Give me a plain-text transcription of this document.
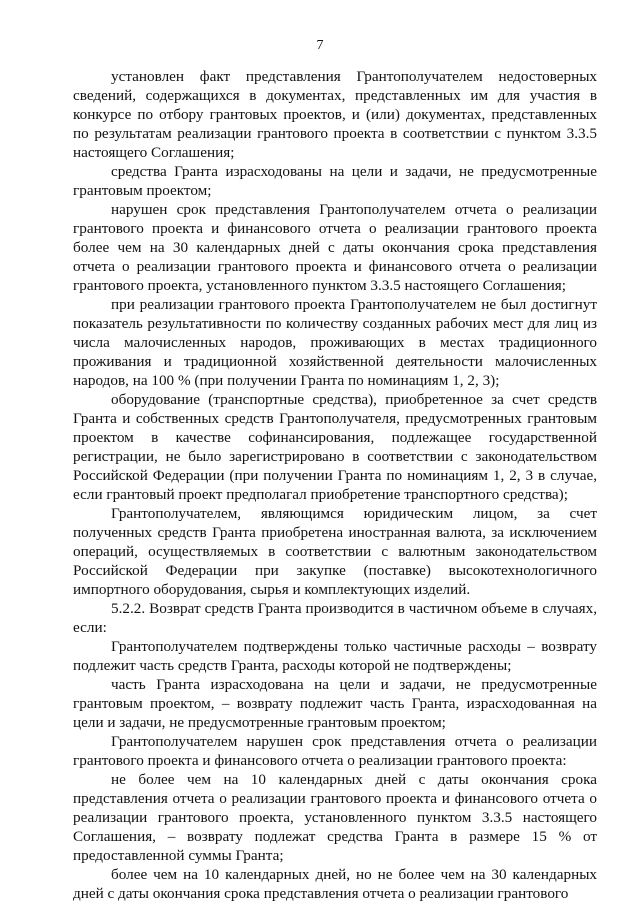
7

установлен факт представления Грантополучателем недостоверных сведений, содержащихся в документах, представленных им для участия в конкурсе по отбору грантовых проектов, и (или) документах, представленных по результатам реализации грантового проекта в соответствии с пунктом 3.3.5 настоящего Соглашения;

средства Гранта израсходованы на цели и задачи, не предусмотренные грантовым проектом;

нарушен срок представления Грантополучателем отчета о реализации грантового проекта и финансового отчета о реализации грантового проекта более чем на 30 календарных дней с даты окончания срока представления отчета о реализации грантового проекта и финансового отчета о реализации грантового проекта, установленного пунктом 3.3.5 настоящего Соглашения;

при реализации грантового проекта Грантополучателем не был достигнут показатель результативности по количеству созданных рабочих мест для лиц из числа малочисленных народов, проживающих в местах традиционного проживания и традиционной хозяйственной деятельности малочисленных народов, на 100 % (при получении Гранта по номинациям 1, 2, 3);

оборудование (транспортные средства), приобретенное за счет средств Гранта и собственных средств Грантополучателя, предусмотренных грантовым проектом в качестве софинансирования, подлежащее государственной регистрации, не было зарегистрировано в соответствии с законодательством Российской Федерации (при получении Гранта по номинациям 1, 2, 3 в случае, если грантовый проект предполагал приобретение транспортного средства);

Грантополучателем, являющимся юридическим лицом, за счет полученных средств Гранта приобретена иностранная валюта, за исключением операций, осуществляемых в соответствии с валютным законодательством Российской Федерации при закупке (поставке) высокотехнологичного импортного оборудования, сырья и комплектующих изделий.

5.2.2. Возврат средств Гранта производится в частичном объеме в случаях, если:

Грантополучателем подтверждены только частичные расходы – возврату подлежит часть средств Гранта, расходы которой не подтверждены;

часть Гранта израсходована на цели и задачи, не предусмотренные грантовым проектом, – возврату подлежит часть Гранта, израсходованная на цели и задачи, не предусмотренные грантовым проектом;

Грантополучателем нарушен срок представления отчета о реализации грантового проекта и финансового отчета о реализации грантового проекта:

не более чем на 10 календарных дней с даты окончания срока представления отчета о реализации грантового проекта и финансового отчета о реализации грантового проекта, установленного пунктом 3.3.5 настоящего Соглашения, – возврату подлежат средства Гранта в размере 15 % от предоставленной суммы Гранта;

более чем на 10 календарных дней, но не более чем на 30 календарных дней с даты окончания срока представления отчета о реализации грантового
